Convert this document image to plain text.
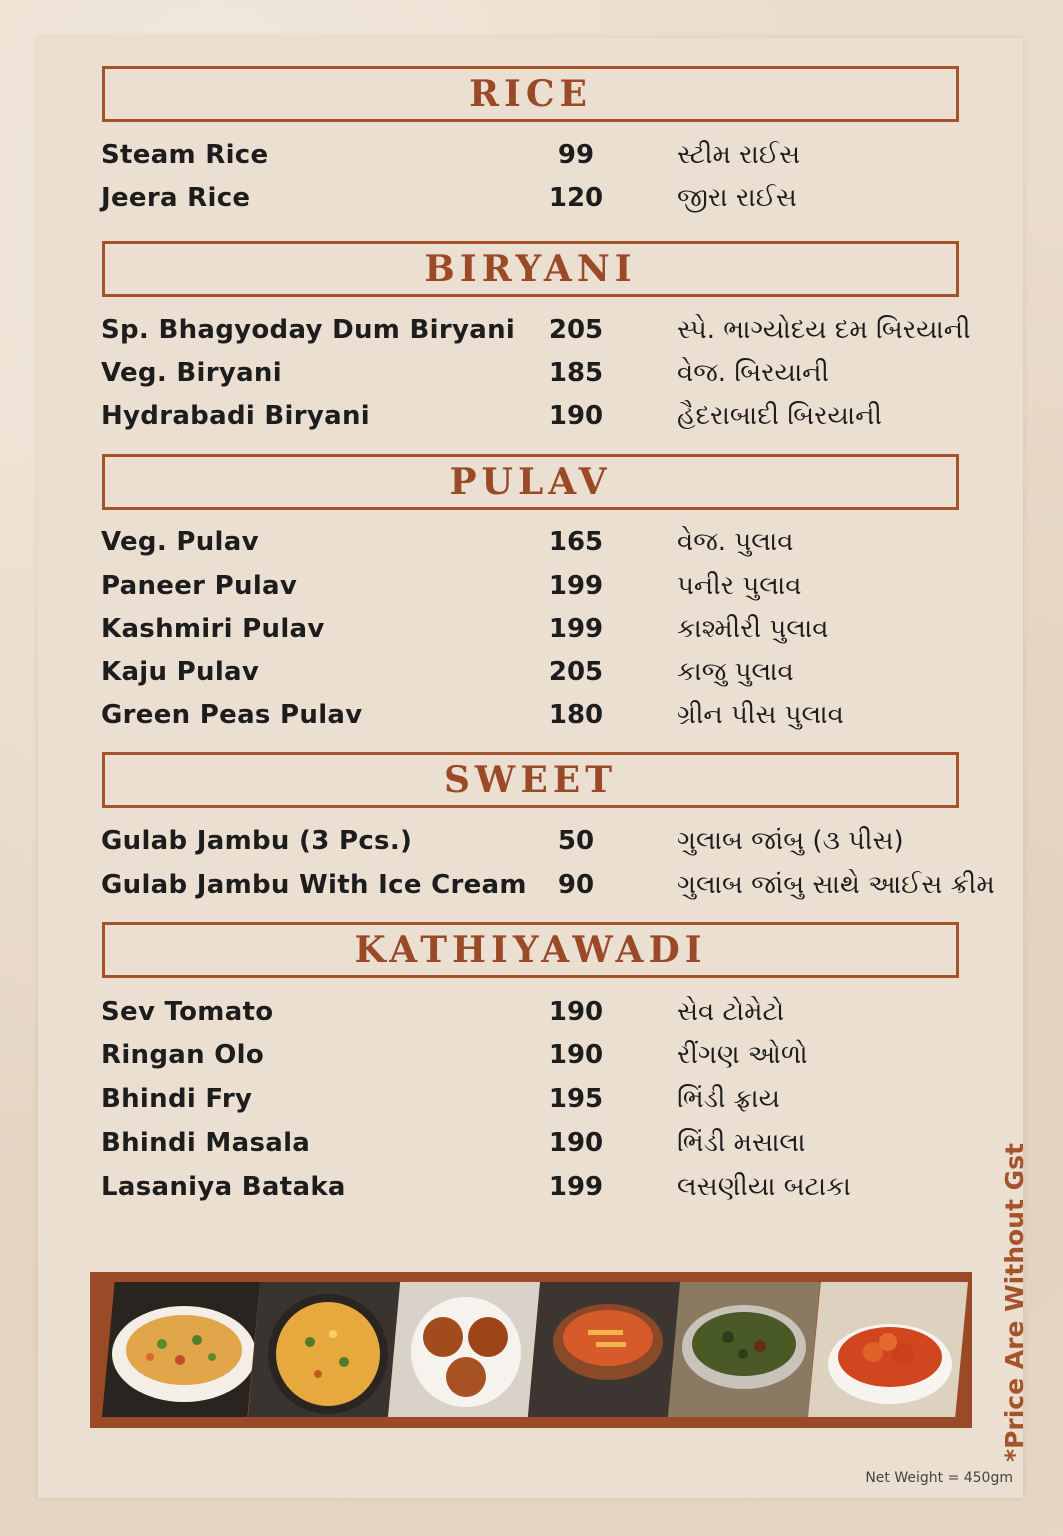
RICE
Steam Rice	99	સ્ટીમ રાઈસ
Jeera Rice	120	જીરા રાઈસ
BIRYANI
Sp. Bhagyoday Dum Biryani	205	સ્પે. ભાગ્યોદય દમ બિરયાની
Veg. Biryani	185	વેજ. બિરયાની
Hydrabadi Biryani	190	હૈદરાબાદી બિરયાની
PULAV
Veg. Pulav	165	વેજ. પુલાવ
Paneer Pulav	199	પનીર પુલાવ
Kashmiri Pulav	199	કાશ્મીરી પુલાવ
Kaju Pulav	205	કાજુ પુલાવ
Green Peas Pulav	180	ગ્રીન પીસ પુલાવ
SWEET
Gulab Jambu (3 Pcs.)	50	ગુલાબ જાંબુ (૩ પીસ)
Gulab Jambu With Ice Cream	90	ગુલાબ જાંબુ સાથે આઈસ ક્રીમ
KATHIYAWADI
Sev Tomato	190	સેવ ટોમેટો
Ringan Olo	190	રીંગણ ઓળો
Bhindi Fry	195	ભિંડી ફ્રાય
Bhindi Masala	190	ભિંડી મસાલા
Lasaniya Bataka	199	લસણીયા બટાકા	*Price Are Without Gst
Net Weight = 450gm
